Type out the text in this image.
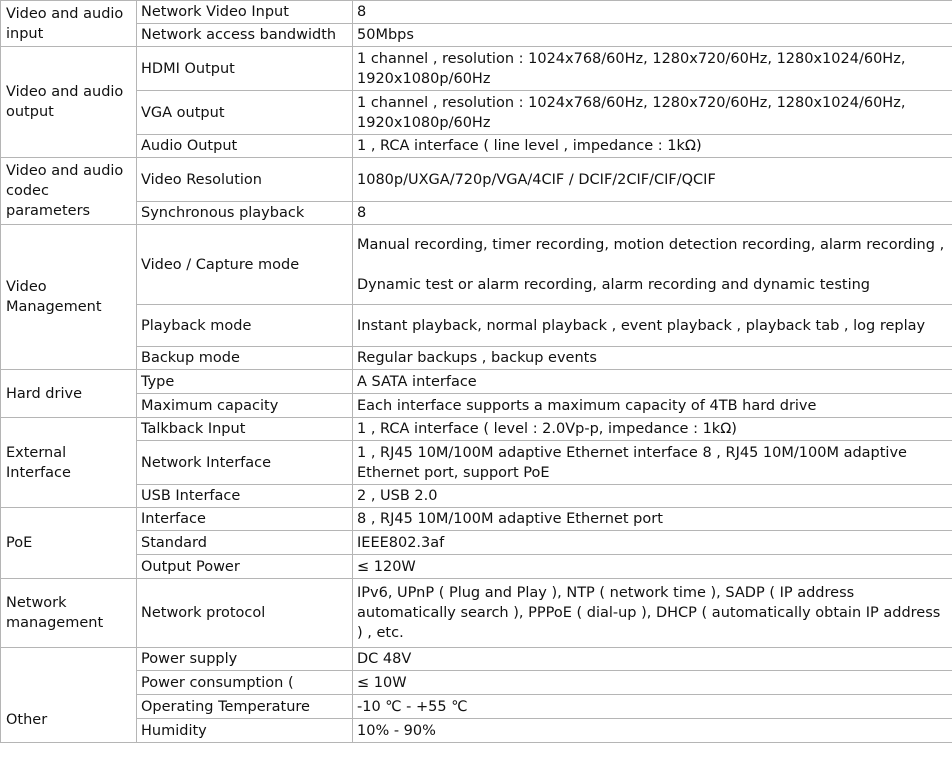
Video and audio input	Network Video Input	8
	Network access bandwidth	50Mbps
Video and audio output	HDMI Output	1 channel , resolution : 1024x768/60Hz, 1280x720/60Hz, 1280x1024/60Hz, 1920x1080p/60Hz
	VGA output	1 channel , resolution : 1024x768/60Hz, 1280x720/60Hz, 1280x1024/60Hz, 1920x1080p/60Hz
	Audio Output	1 , RCA interface ( line level , impedance : 1kΩ)
Video and audio codec parameters	Video Resolution	1080p/UXGA/720p/VGA/4CIF / DCIF/2CIF/CIF/QCIF
	Synchronous playback	8
Video Management	Video / Capture mode	Manual recording, timer recording, motion detection recording, alarm recording ,
Dynamic test or alarm recording, alarm recording and dynamic testing

	Playback mode	Instant playback, normal playback , event playback , playback tab , log replay
	Backup mode	Regular backups , backup events
Hard drive	Type	A SATA interface
	Maximum capacity	Each interface supports a maximum capacity of 4TB hard drive
External Interface	Talkback Input	1 , RCA interface ( level : 2.0Vp-p, impedance : 1kΩ)
	Network Interface	1 , RJ45 10M/100M adaptive Ethernet interface 8 , RJ45 10M/100M adaptive Ethernet port, support PoE
	USB Interface	2 , USB 2.0
PoE	Interface	8 , RJ45 10M/100M adaptive Ethernet port
	Standard	IEEE802.3af
	Output Power	≤ 120W
Network management	Network protocol	IPv6, UPnP ( Plug and Play ), NTP ( network time ), SADP ( IP address automatically search ), PPPoE ( dial-up ), DHCP ( automatically obtain IP address ) , etc.
Other	Power supply	DC 48V
	Power consumption (	≤ 10W
	Operating Temperature	-10 ℃ - +55 ℃
	Humidity	10% - 90%
